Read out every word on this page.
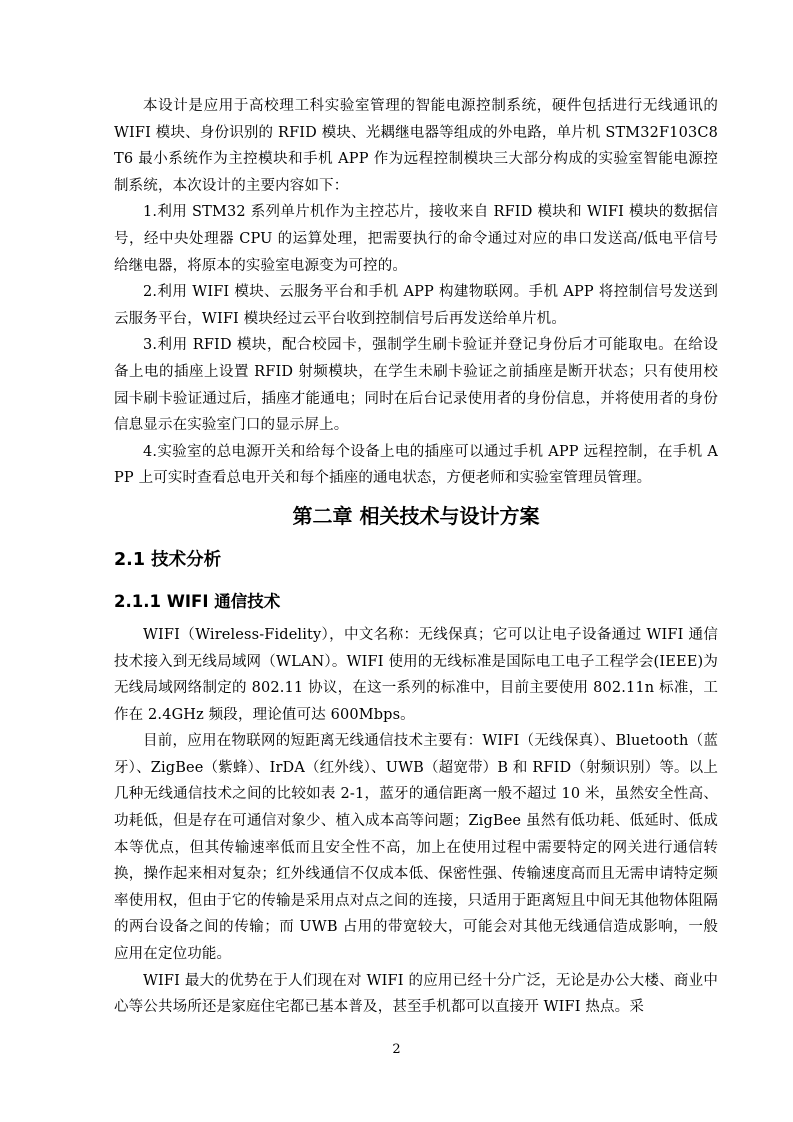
本设计是应用于高校理工科实验室管理的智能电源控制系统，硬件包括进行无线通讯的 WIFI 模块、身份识别的 RFID 模块、光耦继电器等组成的外电路，单片机 STM32F103C8T6 最小系统作为主控模块和手机 APP 作为远程控制模块三大部分构成的实验室智能电源控制系统，本次设计的主要内容如下：

1.利用 STM32 系列单片机作为主控芯片，接收来自 RFID 模块和 WIFI 模块的数据信号，经中央处理器 CPU 的运算处理，把需要执行的命令通过对应的串口发送高/低电平信号给继电器，将原本的实验室电源变为可控的。

2.利用 WIFI 模块、云服务平台和手机 APP 构建物联网。手机 APP 将控制信号发送到云服务平台，WIFI 模块经过云平台收到控制信号后再发送给单片机。

3.利用 RFID 模块，配合校园卡，强制学生刷卡验证并登记身份后才可能取电。在给设备上电的插座上设置 RFID 射频模块，在学生未刷卡验证之前插座是断开状态；只有使用校园卡刷卡验证通过后，插座才能通电；同时在后台记录使用者的身份信息，并将使用者的身份信息显示在实验室门口的显示屏上。

4.实验室的总电源开关和给每个设备上电的插座可以通过手机 APP 远程控制，在手机 APP 上可实时查看总电开关和每个插座的通电状态，方便老师和实验室管理员管理。

第二章 相关技术与设计方案
2.1 技术分析
2.1.1 WIFI 通信技术

WIFI（Wireless-Fidelity），中文名称：无线保真；它可以让电子设备通过 WIFI 通信技术接入到无线局域网（WLAN）。WIFI 使用的无线标准是国际电工电子工程学会(IEEE)为无线局域网络制定的 802.11 协议，在这一系列的标准中，目前主要使用 802.11n 标准，工作在 2.4GHz 频段，理论值可达 600Mbps。

目前，应用在物联网的短距离无线通信技术主要有：WIFI（无线保真）、Bluetooth（蓝牙）、ZigBee（紫蜂）、IrDA（红外线）、UWB（超宽带）B 和 RFID（射频识别）等。以上几种无线通信技术之间的比较如表 2-1，蓝牙的通信距离一般不超过 10 米，虽然安全性高、功耗低，但是存在可通信对象少、植入成本高等问题；ZigBee 虽然有低功耗、低延时、低成本等优点，但其传输速率低而且安全性不高，加上在使用过程中需要特定的网关进行通信转换，操作起来相对复杂；红外线通信不仅成本低、保密性强、传输速度高而且无需申请特定频率使用权，但由于它的传输是采用点对点之间的连接，只适用于距离短且中间无其他物体阻隔的两台设备之间的传输；而 UWB 占用的带宽较大，可能会对其他无线通信造成影响，一般应用在定位功能。

WIFI 最大的优势在于人们现在对 WIFI 的应用已经十分广泛，无论是办公大楼、商业中心等公共场所还是家庭住宅都已基本普及，甚至手机都可以直接开 WIFI 热点。采

2
